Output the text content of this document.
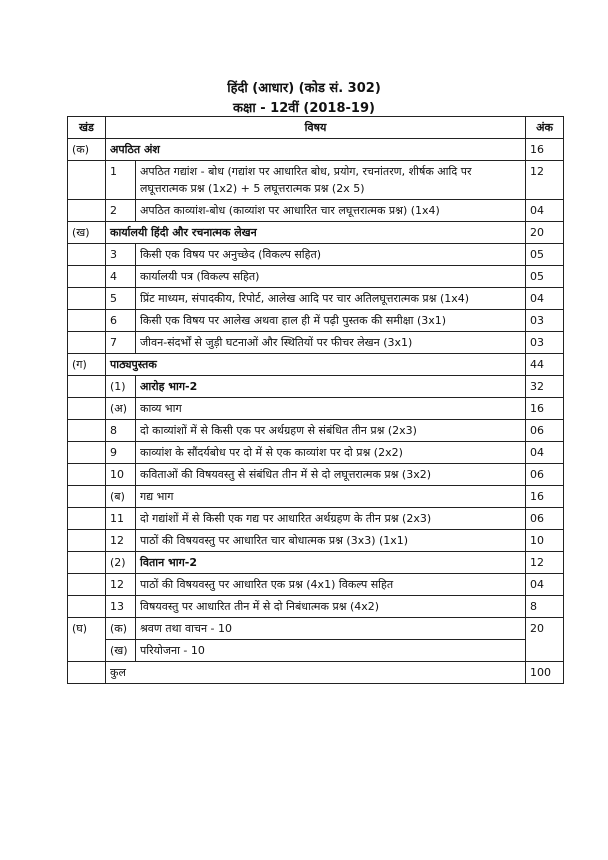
हिंदी (आधार) (कोड सं. 302)
कक्षा - 12वीं (2018-19)
खंड	विषय		अंक
(क)	अपठित अंश		16
	1	अपठित गद्यांश - बोध (गद्यांश पर आधारित बोध, प्रयोग, रचनांतरण, शीर्षक आदि पर लघूत्तरात्मक प्रश्न (1x2) + 5 लघूत्तरात्मक प्रश्न (2x 5)	12
	2	अपठित काव्यांश-बोध (काव्यांश पर आधारित चार लघूत्तरात्मक प्रश्न) (1x4)	04
(ख)	कार्यालयी हिंदी और रचनात्मक लेखन		20
	3	किसी एक विषय पर अनुच्छेद (विकल्प सहित)	05
	4	कार्यालयी पत्र (विकल्प सहित)	05
	5	प्रिंट माध्यम, संपादकीय, रिपोर्ट, आलेख आदि पर चार अतिलघूत्तरात्मक प्रश्न (1x4)	04
	6	किसी एक विषय पर आलेख अथवा हाल ही में पढ़ी पुस्तक की समीक्षा (3x1)	03
	7	जीवन-संदर्भों से जुड़ी घटनाओं और स्थितियों पर फीचर लेखन (3x1)	03
(ग)	पाठ्यपुस्तक		44
	(1)	आरोह भाग-2	32
	(अ)	काव्य भाग	16
	8	दो काव्यांशों में से किसी एक पर अर्थग्रहण से संबंधित तीन प्रश्न (2x3)	06
	9	काव्यांश के सौंदर्यबोध पर दो में से एक काव्यांश पर दो प्रश्न (2x2)	04
	10	कविताओं की विषयवस्तु से संबंधित तीन में से दो लघूत्तरात्मक प्रश्न (3x2)	06
	(ब)	गद्य भाग	16
	11	दो गद्यांशों में से किसी एक गद्य पर आधारित अर्थग्रहण के तीन प्रश्न (2x3)	06
	12	पाठों की विषयवस्तु पर आधारित चार बोधात्मक प्रश्न (3x3) (1x1)	10
	(2)	वितान भाग-2	12
	12	पाठों की विषयवस्तु पर आधारित एक प्रश्न (4x1) विकल्प सहित	04
	13	विषयवस्तु पर आधारित तीन में से दो निबंधात्मक प्रश्न (4x2)	8
(घ)	(क)	श्रवण तथा वाचन - 10	20
	(ख)	परियोजना - 10	
	कुल		100
